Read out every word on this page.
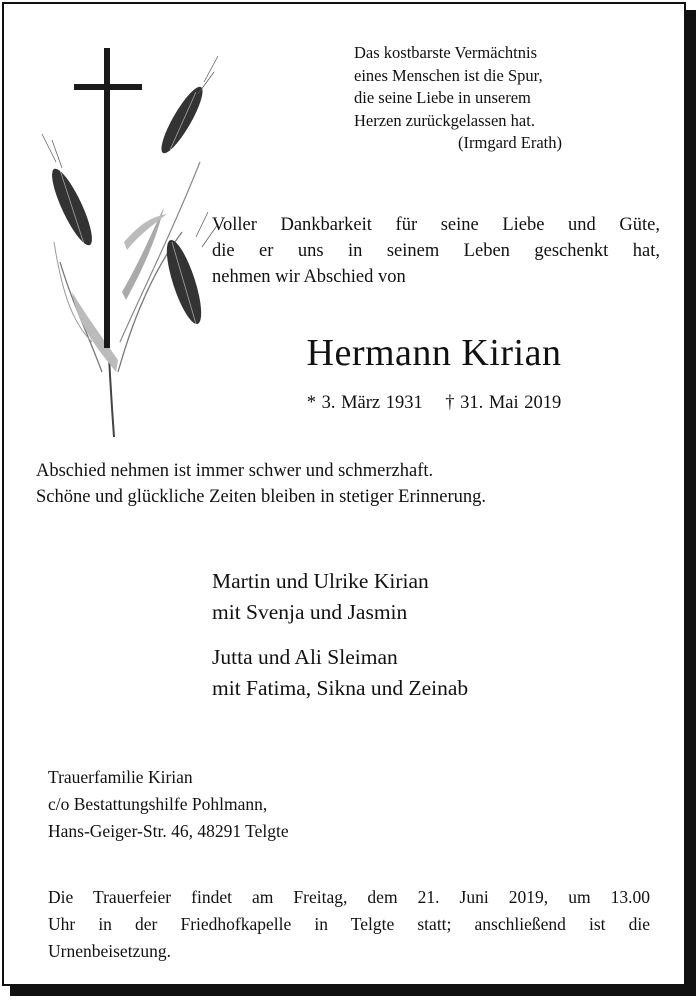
Das kostbarste Vermächtnis
eines Menschen ist die Spur,
die seine Liebe in unserem
Herzen zurückgelassen hat.
(Irmgard Erath)
Voller Dankbarkeit für seine Liebe und Güte,
die er uns in seinem Leben geschenkt hat,
nehmen wir Abschied von
Hermann Kirian
* 3. März 1931 † 31. Mai 2019
Abschied nehmen ist immer schwer und schmerzhaft.
Schöne und glückliche Zeiten bleiben in stetiger Erinnerung.
Martin und Ulrike Kirian
mit Svenja und Jasmin
Jutta und Ali Sleiman
mit Fatima, Sikna und Zeinab
Trauerfamilie Kirian
c/o Bestattungshilfe Pohlmann,
Hans-Geiger-Str. 46, 48291 Telgte
Die Trauerfeier findet am Freitag, dem 21. Juni 2019, um 13.00
Uhr in der Friedhofkapelle in Telgte statt; anschließend ist die
Urnenbeisetzung.
